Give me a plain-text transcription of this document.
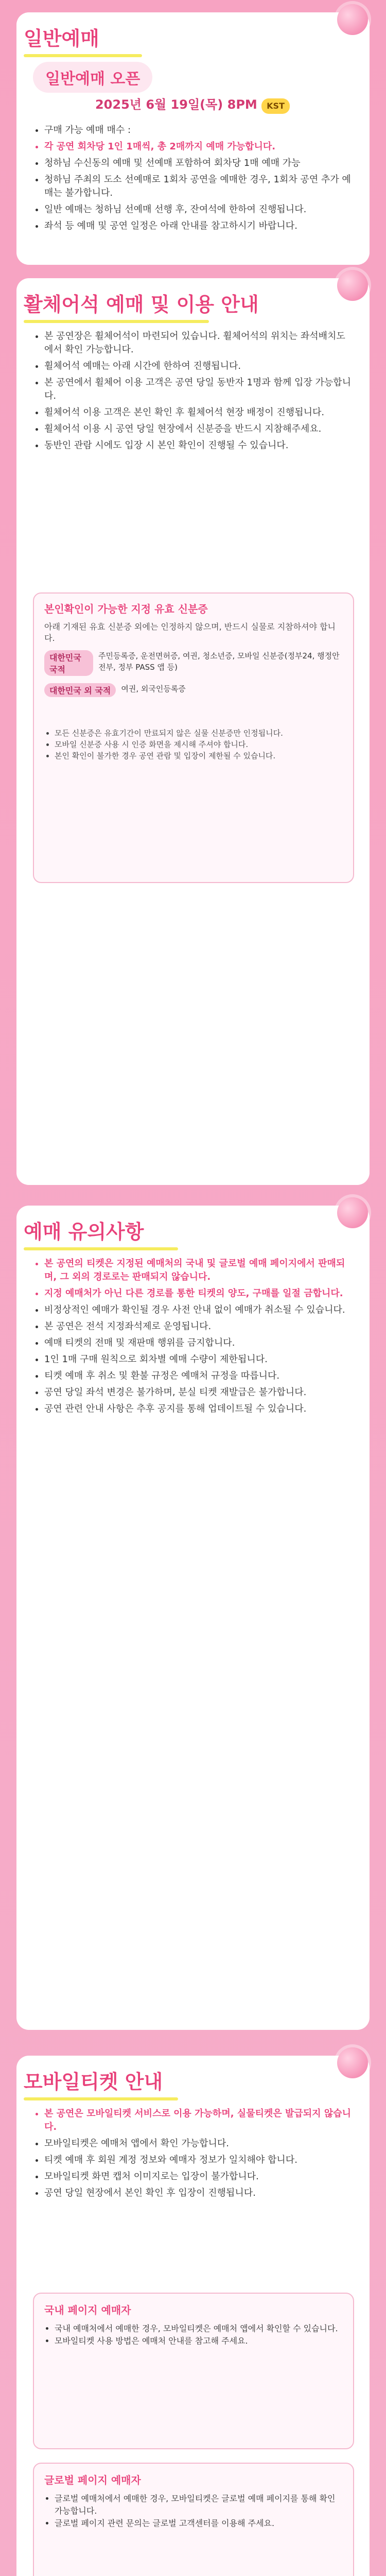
일반예매
일반예매 오픈
2025년 6월 19일(목) 8PM KST
• 구매 가능 예매 매수 :
• 각 공연 회차당 1인 1매씩, 총 2매까지 예매 가능합니다.
• 청하님 수신동의 예매 및 선예매 포함하여 회차당 1매 예매 가능
• 청하님 주최의 도소 선예매로 1회차 공연을 예매한 경우, 1회차 공연 추가 예매는 불가합니다.
• 일반 예매는 청하님 선예매 선행 후, 잔여석에 한하여 진행됩니다.
• 좌석 등 예매 및 공연 일정은 아래 안내를 참고하시기 바랍니다.
활체어석 예매 및 이용 안내
• 본 공연장은 휠체어석이 마련되어 있습니다. 휠체어석의 위치는 좌석배치도에서 확인 가능합니다.
• 휠체어석 예매는 아래 시간에 한하여 진행됩니다.
• 본 공연에서 휠체어 이용 고객은 공연 당일 동반자 1명과 함께 입장 가능합니다.
• 휠체어석 이용 고객은 본인 확인 후 휠체어석 현장 배정이 진행됩니다.
• 휠체어석 이용 시 공연 당일 현장에서 신분증을 반드시 지참해주세요.
• 동반인 관람 시에도 입장 시 본인 확인이 진행될 수 있습니다.
본인확인이 가능한 지정 유효 신분증
아래 기재된 유효 신분증 외에는 인정하지 않으며, 반드시 실물로 지참하셔야 합니다.
대한민국 국적
주민등록증, 운전면허증, 여권, 청소년증, 모바일 신분증(정부24, 행정안전부, 정부 PASS 앱 등)
대한민국 외 국적	여권, 외국인등록증
• 모든 신분증은 유효기간이 만료되지 않은 실물 신분증만 인정됩니다.
• 모바일 신분증 사용 시 인증 화면을 제시해 주셔야 합니다.
• 본인 확인이 불가한 경우 공연 관람 및 입장이 제한될 수 있습니다.
예매 유의사항
• 본 공연의 티켓은 지정된 예매처의 국내 및 글로벌 예매 페이지에서 판매되며, 그 외의 경로로는 판매되지 않습니다.
• 지정 예매처가 아닌 다른 경로를 통한 티켓의 양도, 구매를 일절 금합니다.
• 비정상적인 예매가 확인될 경우 사전 안내 없이 예매가 취소될 수 있습니다.
• 본 공연은 전석 지정좌석제로 운영됩니다.
• 예매 티켓의 전매 및 재판매 행위를 금지합니다.
• 1인 1매 구매 원칙으로 회차별 예매 수량이 제한됩니다.
• 티켓 예매 후 취소 및 환불 규정은 예매처 규정을 따릅니다.
• 공연 당일 좌석 변경은 불가하며, 분실 티켓 재발급은 불가합니다.
• 공연 관련 안내 사항은 추후 공지를 통해 업데이트될 수 있습니다.
모바일티켓 안내
• 본 공연은 모바일티켓 서비스로 이용 가능하며, 실물티켓은 발급되지 않습니다.
• 모바일티켓은 예매처 앱에서 확인 가능합니다.
• 티켓 예매 후 회원 계정 정보와 예매자 정보가 일치해야 합니다.
• 모바일티켓 화면 캡처 이미지로는 입장이 불가합니다.
• 공연 당일 현장에서 본인 확인 후 입장이 진행됩니다.
국내 페이지 예매자
• 국내 예매처에서 예매한 경우, 모바일티켓은 예매처 앱에서 확인할 수 있습니다.
• 모바일티켓 사용 방법은 예매처 안내를 참고해 주세요.
글로벌 페이지 예매자
• 글로벌 예매처에서 예매한 경우, 모바일티켓은 글로벌 예매 페이지를 통해 확인 가능합니다.
• 글로벌 페이지 관련 문의는 글로벌 고객센터를 이용해 주세요.
